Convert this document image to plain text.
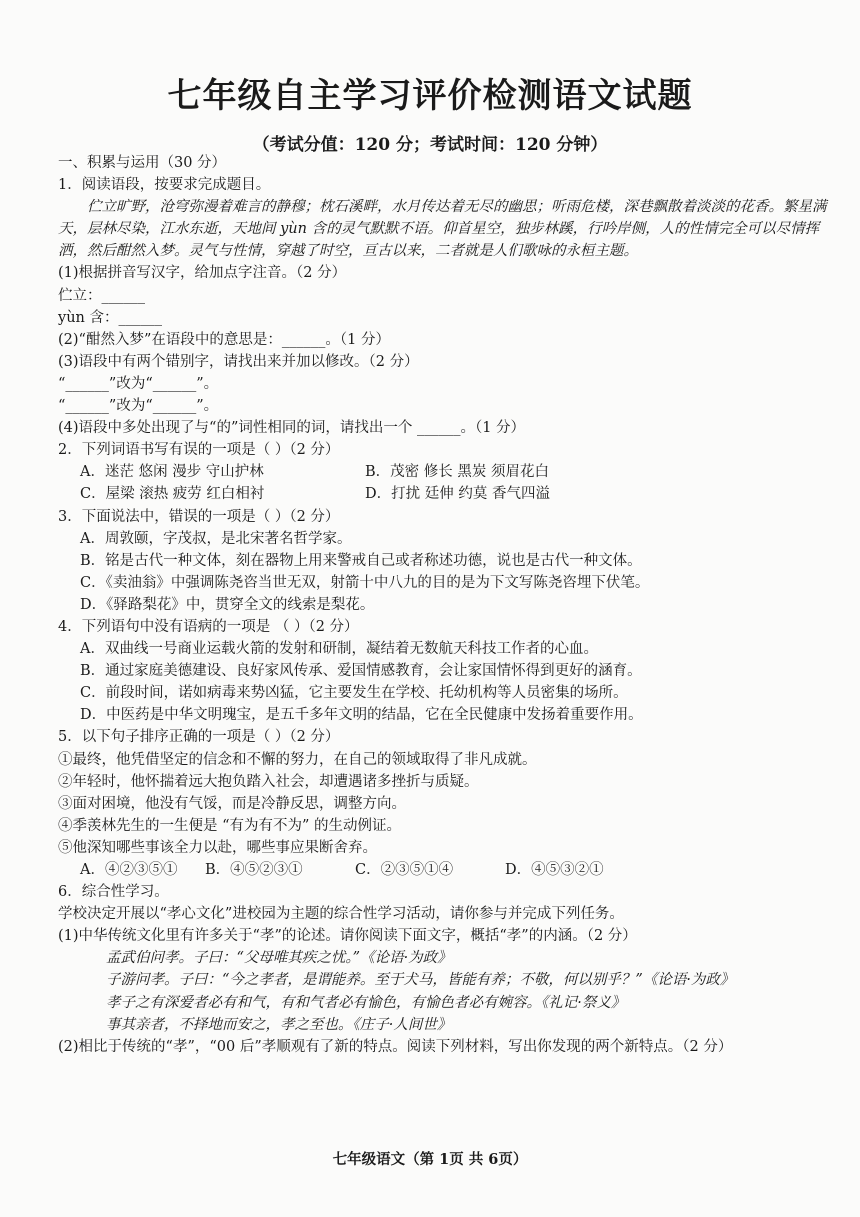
七年级自主学习评价检测语文试题
（考试分值：120 分；考试时间：120 分钟）
一、积累与运用（30 分）
1．阅读语段，按要求完成题目。
伫立旷野，沧穹弥漫着难言的静穆；枕石溪畔，水月传达着无尽的幽思；听雨危楼，深巷飘散着淡淡的花香。繁星满天，层林尽染，江水东逝，天地间 yùn 含的灵气默默不语。仰首星空，独步林蹊，行吟岸侧，人的性情完全可以尽情挥洒，然后酣然入梦。灵气与性情，穿越了时空，亘古以来，二者就是人们歌咏的永桓主题。
(1)根据拼音写汉字，给加点字注音。（2 分）
伫立：______
yùn 含：______
(2)“酣然入梦”在语段中的意思是：______。（1 分）
(3)语段中有两个错别字，请找出来并加以修改。（2 分）
“______”改为“______”。
“______”改为“______”。
(4)语段中多处出现了与“的”词性相同的词，请找出一个 ______。（1 分）
2．下列词语书写有误的一项是（ ）（2 分）
A．迷茫 悠闲 漫步 守山护林	B．茂密 修长 黑炭 须眉花白
C．屋梁 滚热 疲劳 红白相衬	D．打扰 廷伸 约莫 香气四溢
3．下面说法中，错误的一项是（ ）（2 分）
A．周敦颐，字茂叔，是北宋著名哲学家。
B．铭是古代一种文体，刻在器物上用来警戒自己或者称述功德，说也是古代一种文体。
C．《卖油翁》中强调陈尧咨当世无双，射箭十中八九的目的是为下文写陈尧咨埋下伏笔。
D．《驿路梨花》中，贯穿全文的线索是梨花。
4．下列语句中没有语病的一项是 （ ）（2 分）
A．双曲线一号商业运载火箭的发射和研制，凝结着无数航天科技工作者的心血。
B．通过家庭美德建设、良好家风传承、爱国情感教育，会让家国情怀得到更好的涵育。
C．前段时间，诺如病毒来势凶猛，它主要发生在学校、托幼机构等人员密集的场所。
D．中医药是中华文明瑰宝，是五千多年文明的结晶，它在全民健康中发扬着重要作用。
5．以下句子排序正确的一项是（ ）（2 分）
①最终，他凭借坚定的信念和不懈的努力，在自己的领域取得了非凡成就。
②年轻时，他怀揣着远大抱负踏入社会，却遭遇诸多挫折与质疑。
③面对困境，他没有气馁，而是冷静反思，调整方向。
④季羡林先生的一生便是 “有为有不为” 的生动例证。
⑤他深知哪些事该全力以赴，哪些事应果断舍弃。
A．④②③⑤①	B．④⑤②③①	C．②③⑤①④	D．④⑤③②①
6．综合性学习。
学校决定开展以“孝心文化”进校园为主题的综合性学习活动，请你参与并完成下列任务。
(1)中华传统文化里有许多关于“孝”的论述。请你阅读下面文字，概括“孝”的内涵。（2 分）
孟武伯问孝。子曰：“父母唯其疾之忧。”《论语·为政》
子游问孝。子曰：“今之孝者，是谓能养。至于犬马，皆能有养；不敬，何以别乎？”《论语·为政》
孝子之有深爱者必有和气，有和气者必有愉色，有愉色者必有婉容。《礼记·祭义》
事其亲者，不择地而安之，孝之至也。《庄子·人间世》
(2)相比于传统的“孝”，“00 后”孝顺观有了新的特点。阅读下列材料，写出你发现的两个新特点。（2 分）
七年级语文（第 1页 共 6页）
